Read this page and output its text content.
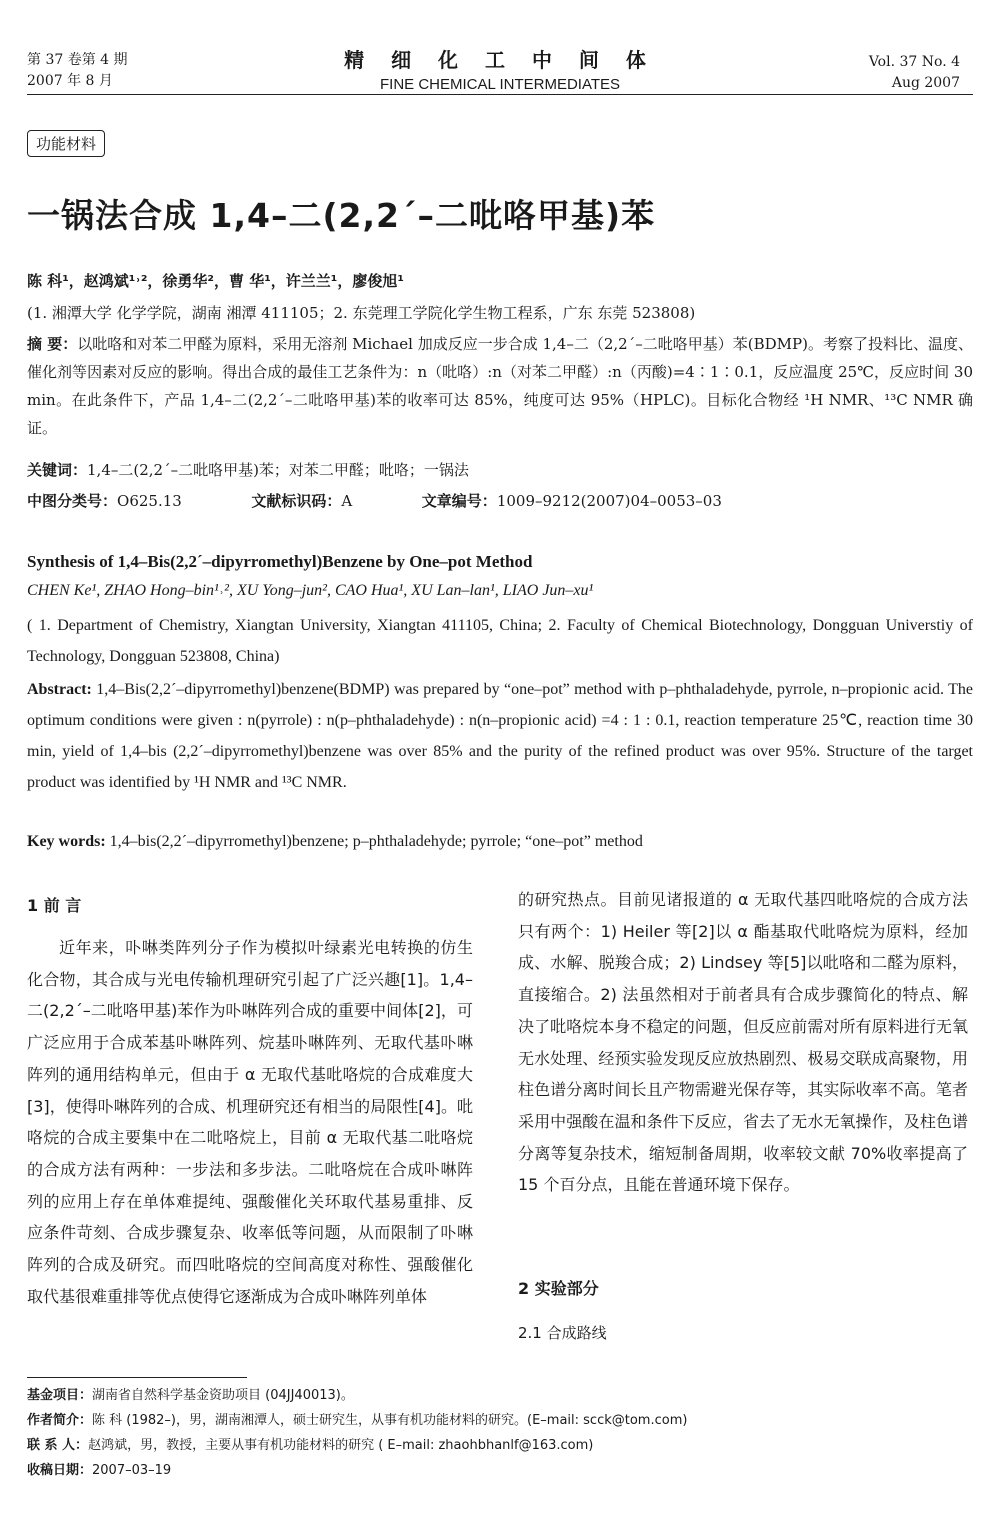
第 37 卷第 4 期
2007 年 8 月
精 细 化 工 中 间 体
FINE CHEMICAL INTERMEDIATES
Vol. 37 No. 4
Aug 2007
功能材料
一锅法合成 1,4–二(2,2´–二吡咯甲基)苯
陈 科¹，赵鸿斌¹˒²，徐勇华²，曹 华¹，许兰兰¹，廖俊旭¹
(1. 湘潭大学 化学学院，湖南 湘潭 411105；2. 东莞理工学院化学生物工程系，广东 东莞 523808)
摘 要：以吡咯和对苯二甲醛为原料，采用无溶剂 Michael 加成反应一步合成 1,4–二（2,2´–二吡咯甲基）苯(BDMP)。考察了投料比、温度、催化剂等因素对反应的影响。得出合成的最佳工艺条件为：n（吡咯）:n（对苯二甲醛）:n（丙酸)=4∶1∶0.1，反应温度 25℃，反应时间 30 min。在此条件下，产品 1,4–二(2,2´–二吡咯甲基)苯的收率可达 85%，纯度可达 95%（HPLC)。目标化合物经 ¹H NMR、¹³C NMR 确证。
关键词：1,4–二(2,2´–二吡咯甲基)苯；对苯二甲醛；吡咯；一锅法
中图分类号：O625.13	文献标识码：A	文章编号：1009–9212(2007)04–0053–03
Synthesis of 1,4–Bis(2,2´–dipyrromethyl)Benzene by One–pot Method
CHEN Ke¹, ZHAO Hong–bin¹˒², XU Yong–jun², CAO Hua¹, XU Lan–lan¹, LIAO Jun–xu¹
( 1. Department of Chemistry, Xiangtan University, Xiangtan 411105, China; 2. Faculty of Chemical Biotechnology, Dongguan Universtiy of Technology, Dongguan 523808, China)
Abstract: 1,4–Bis(2,2´–dipyrromethyl)benzene(BDMP) was prepared by “one–pot” method with p–phthaladehyde, pyrrole, n–propionic acid. The optimum conditions were given : n(pyrrole) : n(p–phthaladehyde) : n(n–propionic acid) =4 : 1 : 0.1, reaction temperature 25℃, reaction time 30 min, yield of 1,4–bis (2,2´–dipyrromethyl)benzene was over 85% and the purity of the refined product was over 95%. Structure of the target product was identified by ¹H NMR and ¹³C NMR.
Key words: 1,4–bis(2,2´–dipyrromethyl)benzene; p–phthaladehyde; pyrrole; “one–pot” method
1 前 言

近年来，卟啉类阵列分子作为模拟叶绿素光电转换的仿生化合物，其合成与光电传输机理研究引起了广泛兴趣[1]。1,4–二(2,2´–二吡咯甲基)苯作为卟啉阵列合成的重要中间体[2]，可广泛应用于合成苯基卟啉阵列、烷基卟啉阵列、无取代基卟啉阵列的通用结构单元，但由于 α 无取代基吡咯烷的合成难度大[3]，使得卟啉阵列的合成、机理研究还有相当的局限性[4]。吡咯烷的合成主要集中在二吡咯烷上，目前 α 无取代基二吡咯烷的合成方法有两种：一步法和多步法。二吡咯烷在合成卟啉阵列的应用上存在单体难提纯、强酸催化关环取代基易重排、反应条件苛刻、合成步骤复杂、收率低等问题，从而限制了卟啉阵列的合成及研究。而四吡咯烷的空间高度对称性、强酸催化取代基很难重排等优点使得它逐渐成为合成卟啉阵列单体

的研究热点。目前见诸报道的 α 无取代基四吡咯烷的合成方法只有两个：1) Heiler 等[2]以 α 酯基取代吡咯烷为原料，经加成、水解、脱羧合成；2) Lindsey 等[5]以吡咯和二醛为原料，直接缩合。2) 法虽然相对于前者具有合成步骤简化的特点、解决了吡咯烷本身不稳定的问题，但反应前需对所有原料进行无氧无水处理、经预实验发现反应放热剧烈、极易交联成高聚物，用柱色谱分离时间长且产物需避光保存等，其实际收率不高。笔者采用中强酸在温和条件下反应，省去了无水无氧操作，及柱色谱分离等复杂技术，缩短制备周期，收率较文献 70%收率提高了 15 个百分点，且能在普通环境下保存。

2 实验部分
2.1 合成路线
基金项目：湖南省自然科学基金资助项目 (04JJ40013)。
作者简介：陈 科 (1982–)，男，湖南湘潭人，硕士研究生，从事有机功能材料的研究。(E–mail: scck@tom.com)
联 系 人：赵鸿斌，男，教授，主要从事有机功能材料的研究 ( E–mail: zhaohbhanlf@163.com)
收稿日期：2007–03–19
